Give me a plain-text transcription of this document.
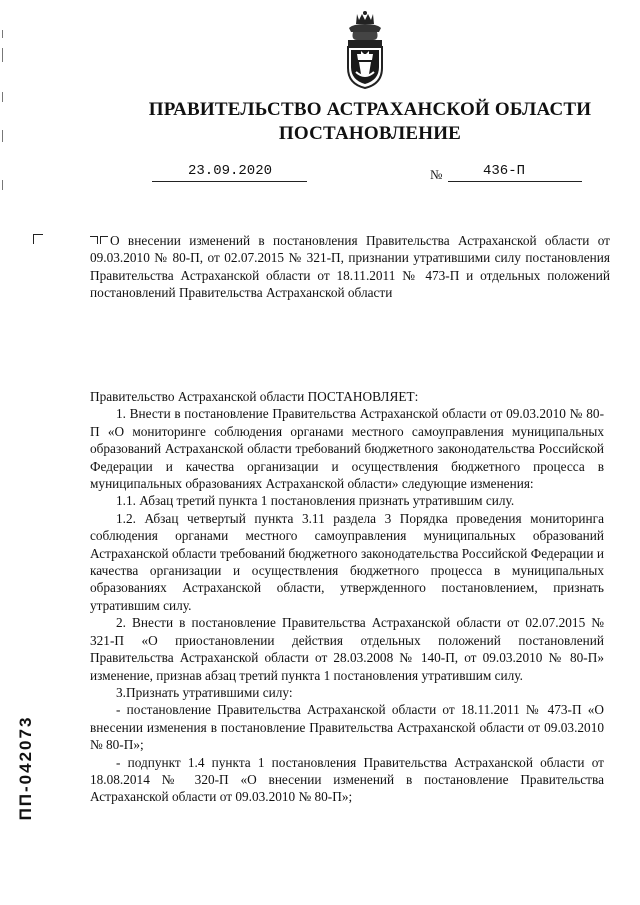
ПРАВИТЕЛЬСТВО АСТРАХАНСКОЙ ОБЛАСТИ
ПОСТАНОВЛЕНИЕ
23.09.2020	№	436-П
О внесении изменений в постановления Правительства Астраханской области от 09.03.2010 № 80-П, от 02.07.2015 № 321-П, признании утратившими силу постановления Правительства Астраханской области от 18.11.2011 № 473-П и отдельных положений постановлений Правительства Астраханской области

Правительство Астраханской области ПОСТАНОВЛЯЕТ:

1. Внести в постановление Правительства Астраханской области от 09.03.2010 № 80-П «О мониторинге соблюдения органами местного самоуправления муниципальных образований Астраханской области требований бюджетного законодательства Российской Федерации и качества организации и осуществления бюджетного процесса в муниципальных образованиях Астраханской области» следующие изменения:

1.1. Абзац третий пункта 1 постановления признать утратившим силу.

1.2. Абзац четвертый пункта 3.11 раздела 3 Порядка проведения мониторинга соблюдения органами местного самоуправления муниципальных образований Астраханской области требований бюджетного законодательства Российской Федерации и качества организации и осуществления бюджетного процесса в муниципальных образованиях Астраханской области, утвержденного постановлением, признать утратившим силу.

2. Внести в постановление Правительства Астраханской области от 02.07.2015 № 321-П «О приостановлении действия отдельных положений постановлений Правительства Астраханской области от 28.03.2008 № 140-П, от 09.03.2010 № 80-П» изменение, признав абзац третий пункта 1 постановления утратившим силу.

3.Признать утратившими силу:

- постановление Правительства Астраханской области от 18.11.2011 № 473-П «О внесении изменения в постановление Правительства Астраханской области от 09.03.2010 № 80-П»;

- подпункт 1.4 пункта 1 постановления Правительства Астраханской области от 18.08.2014 № 320-П «О внесении изменений в постановление Правительства Астраханской области от 09.03.2010 № 80-П»;

ПП-042073
